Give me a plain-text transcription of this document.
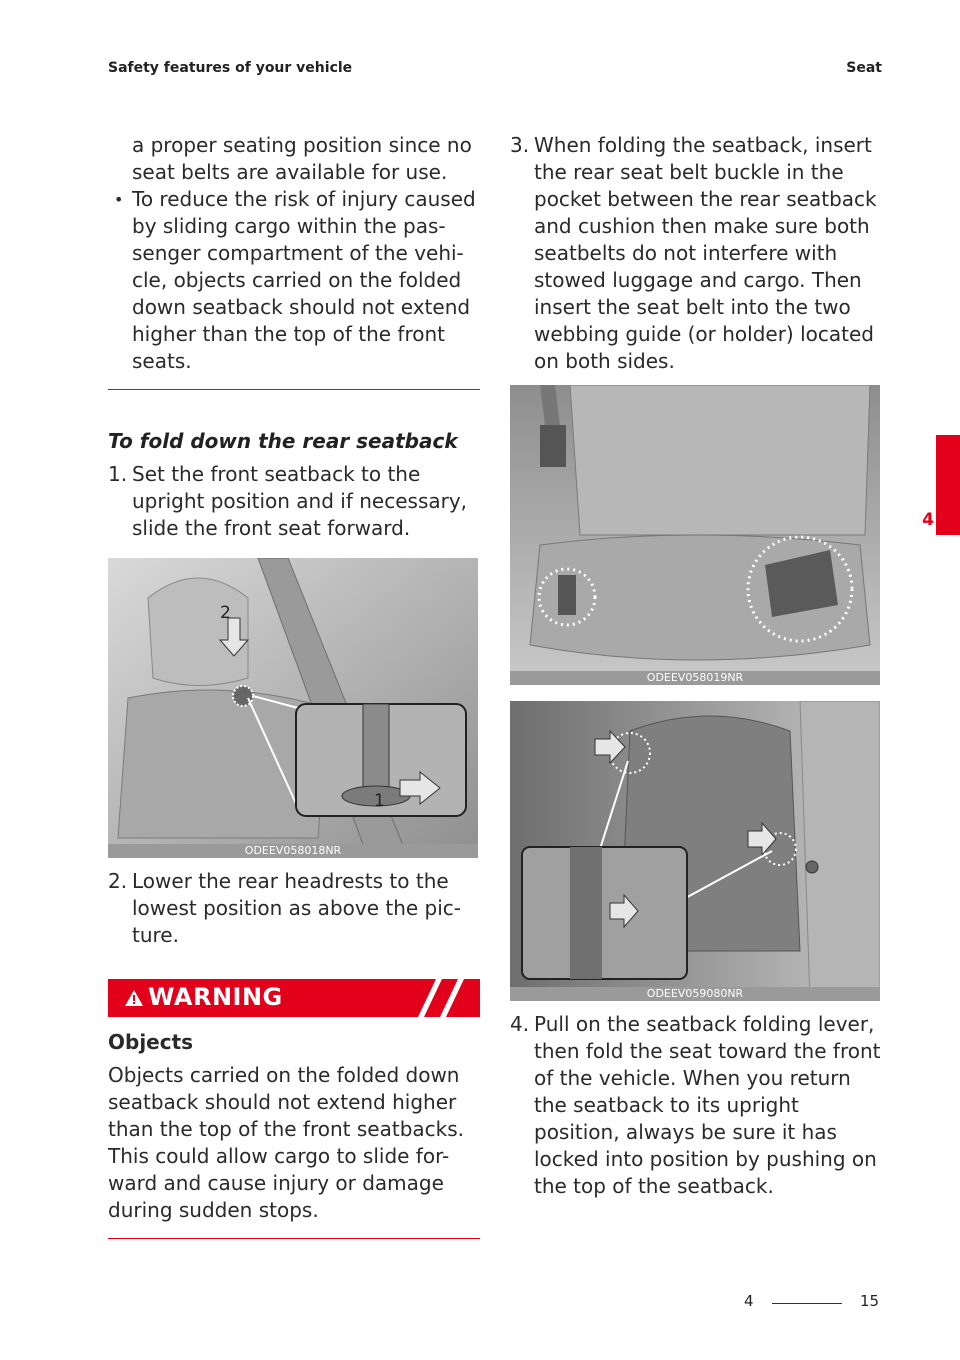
Safety features of your vehicle	Seat
4
a proper seating position since no seat belts are available for use.
• To reduce the risk of injury caused by sliding cargo within the pas-senger compartment of the vehi-cle, objects carried on the folded down seatback should not extend higher than the top of the front seats.
To fold down the rear seatback
1. Set the front seatback to the upright position and if necessary, slide the front seat forward.
2
1
ODEEV058018NR
2. Lower the rear headrests to the lowest position as above the pic-ture.
WARNING
Objects
Objects carried on the folded down seatback should not extend higher than the top of the front seatbacks. This could allow cargo to slide for-ward and cause injury or damage during sudden stops.
3. When folding the seatback, insert the rear seat belt buckle in the pocket between the rear seatback and cushion then make sure both seatbelts do not interfere with stowed luggage and cargo. Then insert the seat belt into the two webbing guide (or holder) located on both sides.
ODEEV058019NR
ODEEV059080NR
4. Pull on the seatback folding lever, then fold the seat toward the front of the vehicle. When you return the seatback to its upright position, always be sure it has locked into position by pushing on the top of the seatback.
4	15
